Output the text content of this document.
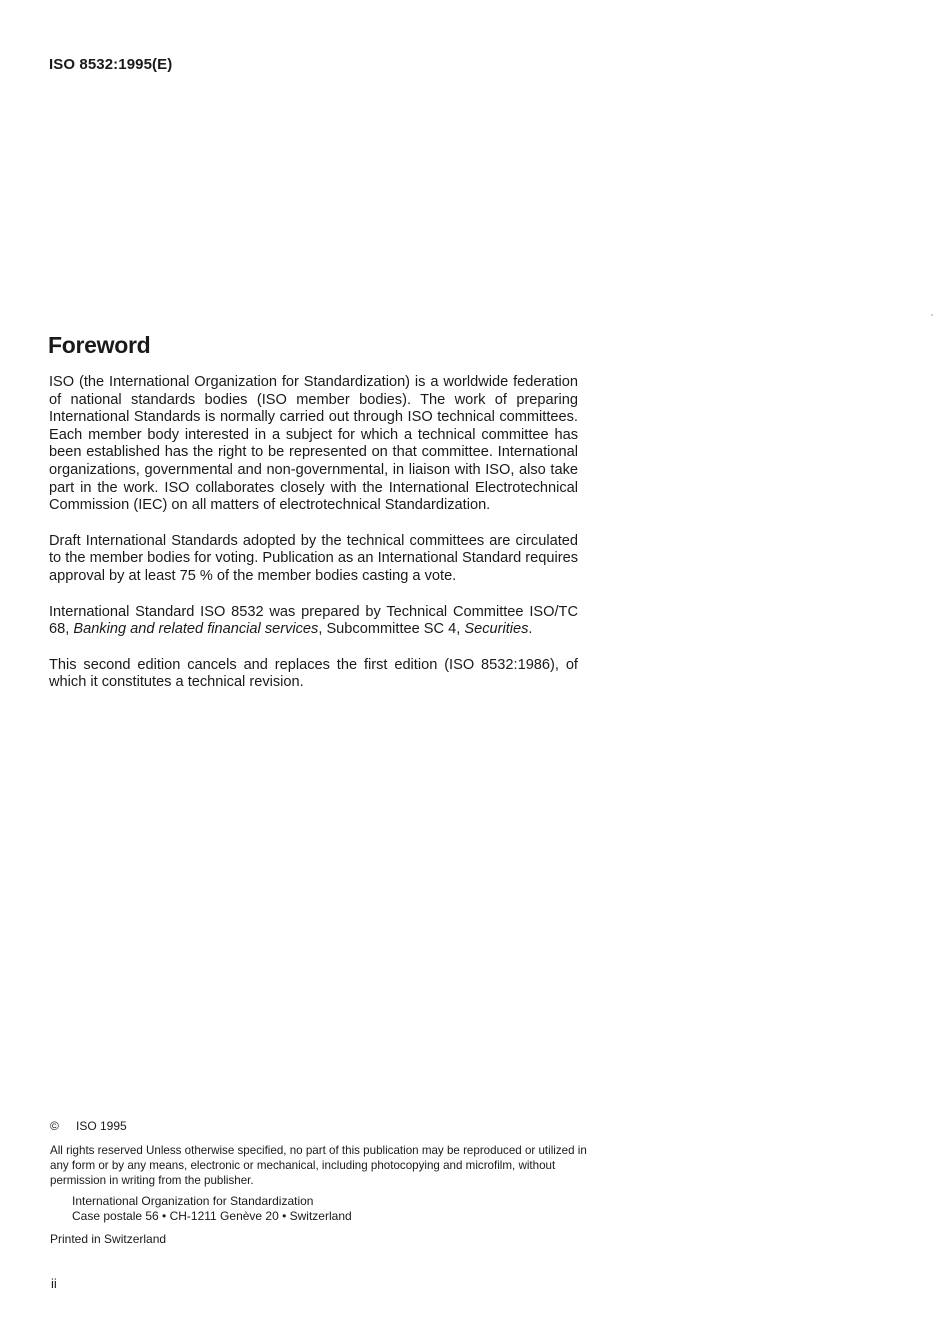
ISO 8532:1995(E)
Foreword

ISO (the International Organization for Standardization) is a worldwide federation of national standards bodies (ISO member bodies). The work of preparing International Standards is normally carried out through ISO technical committees. Each member body interested in a subject for which a technical committee has been established has the right to be represented on that committee. International organizations, governmental and non-governmental, in liaison with ISO, also take part in the work. ISO collaborates closely with the International Electrotechnical Commission (IEC) on all matters of electrotechnical Standardization.

Draft International Standards adopted by the technical committees are circulated to the member bodies for voting. Publication as an International Standard requires approval by at least 75 % of the member bodies casting a vote.

International Standard ISO 8532 was prepared by Technical Committee ISO/TC 68, Banking and related financial services, Subcommittee SC 4, Securities.

This second edition cancels and replaces the first edition (ISO 8532:1986), of which it constitutes a technical revision.

© ISO 1995

All rights reserved Unless otherwise specified, no part of this publication may be reproduced or utilized in any form or by any means, electronic or mechanical, including photocopying and microfilm, without permission in writing from the publisher.

International Organization for Standardization
Case postale 56 • CH-1211 Genève 20 • Switzerland

Printed in Switzerland

ii
